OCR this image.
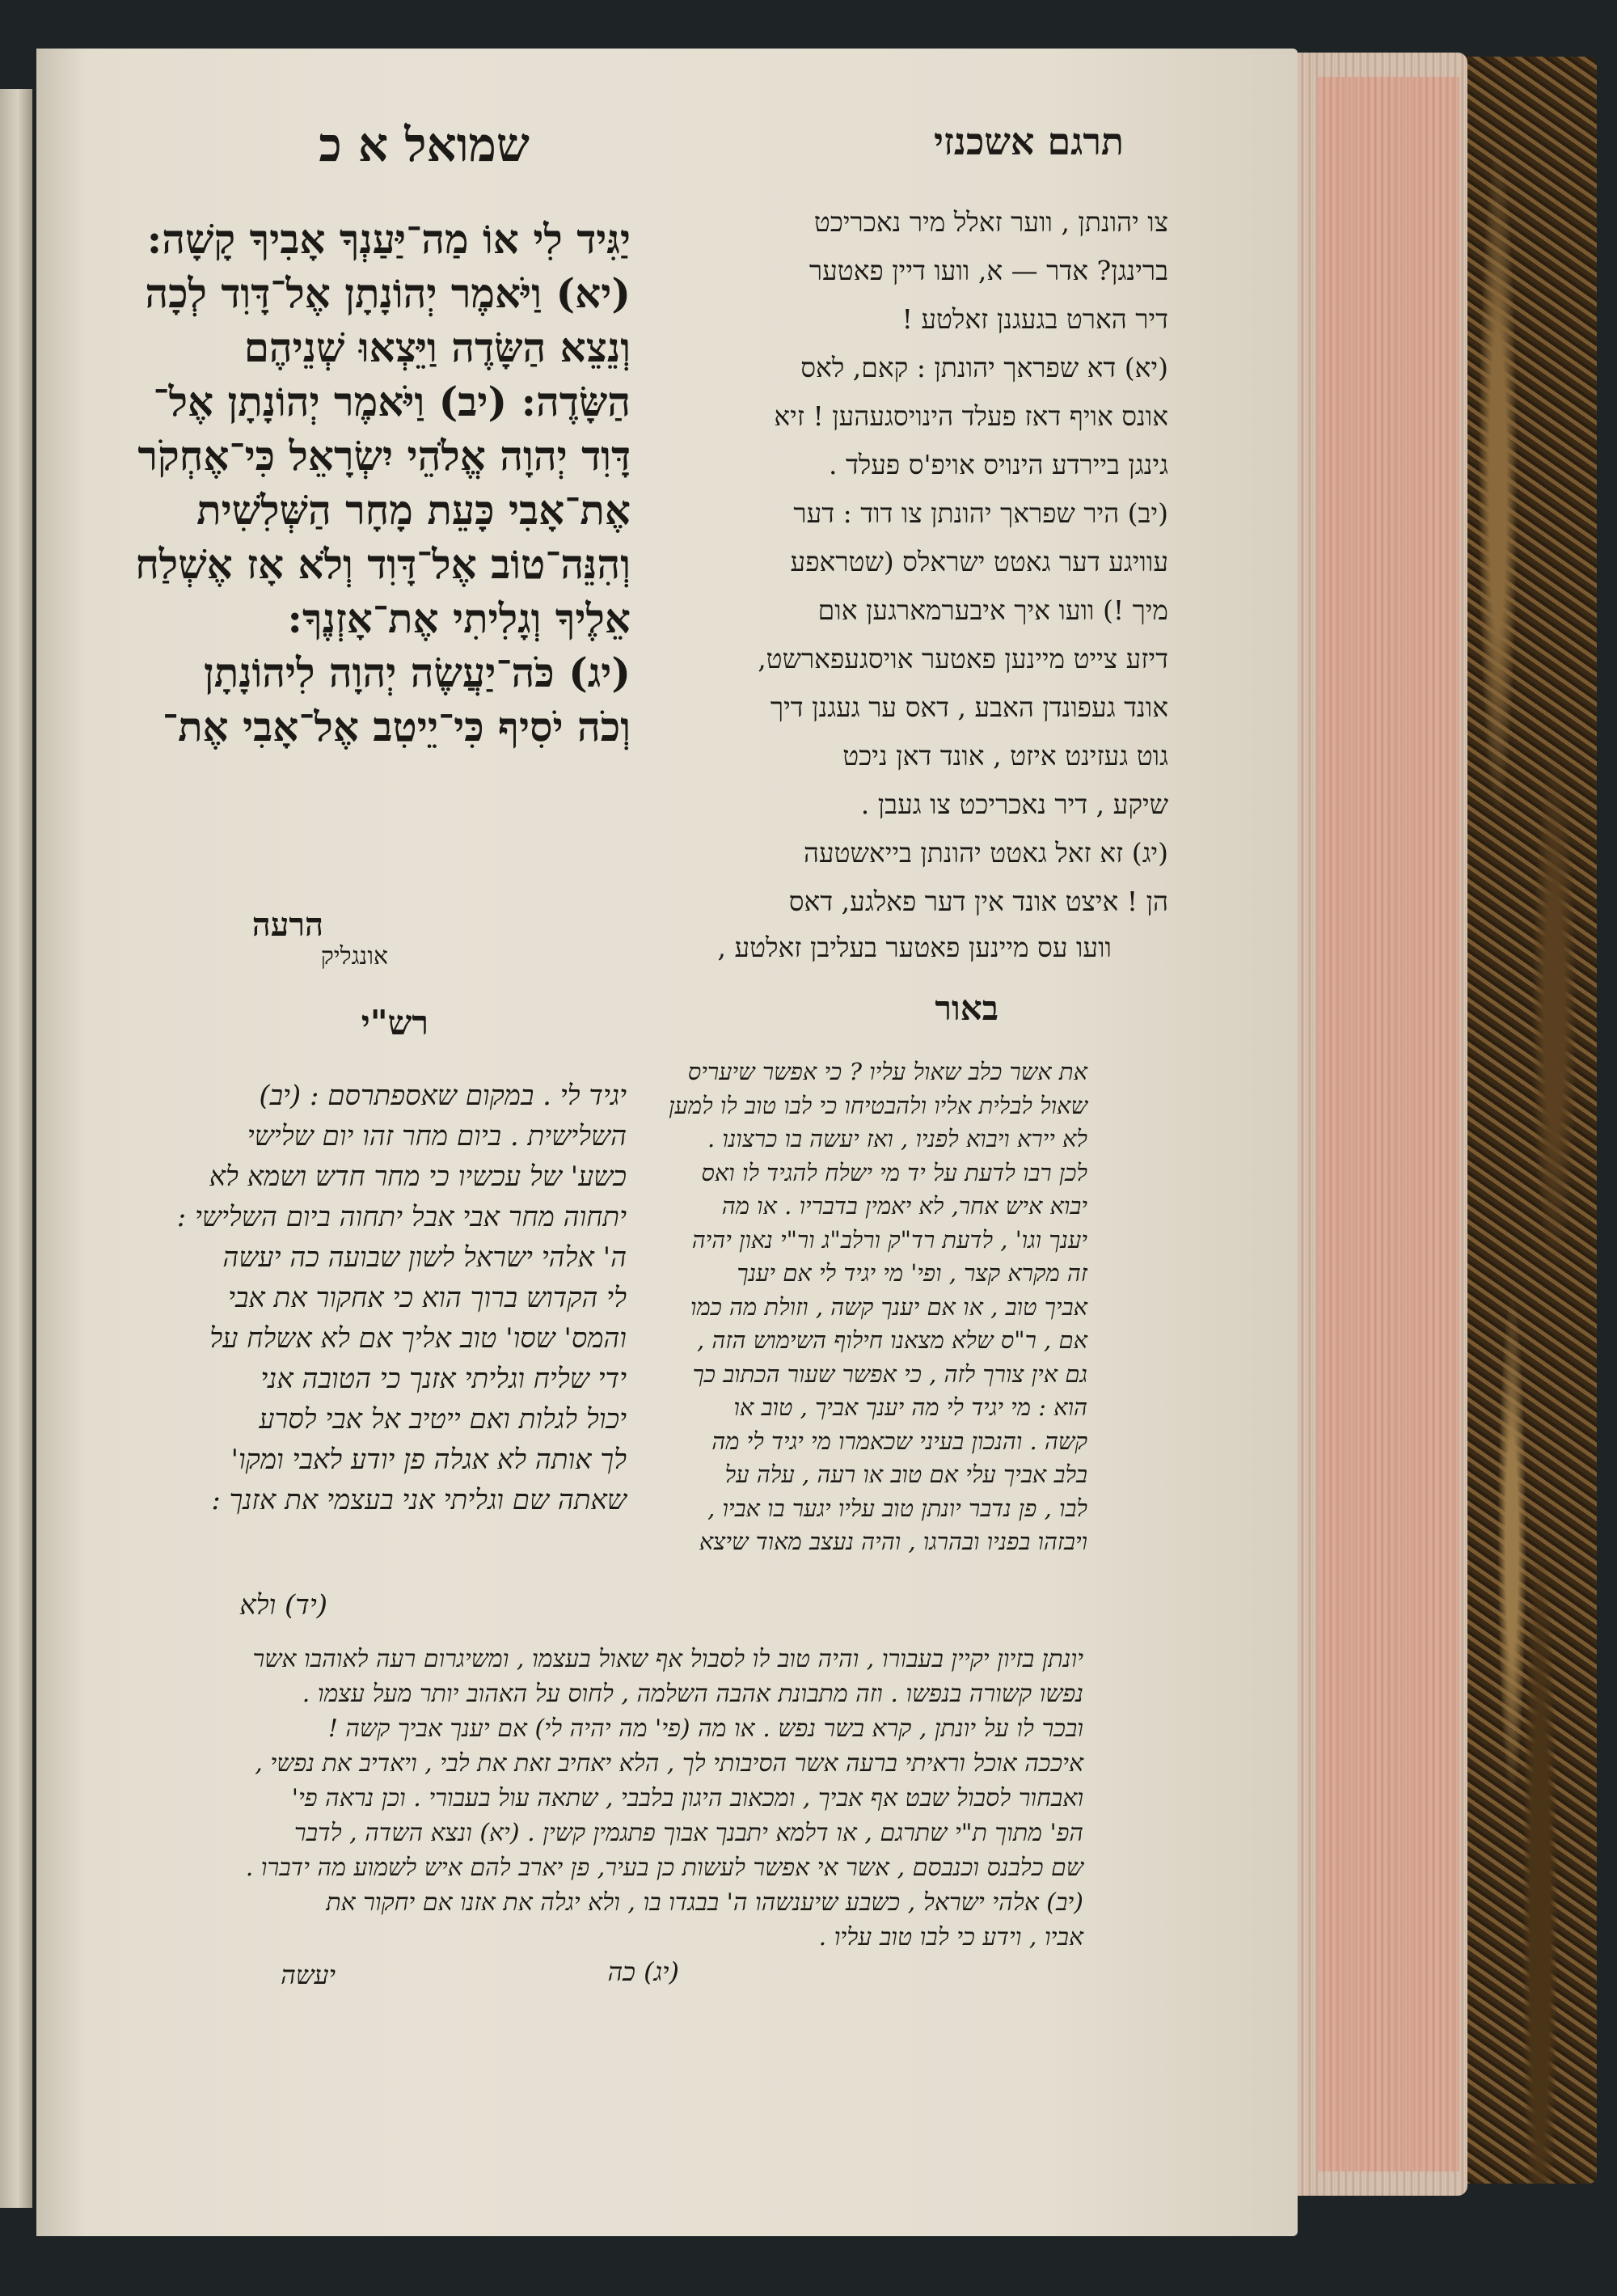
תרגם אשכנזי
שמואל א כ
צו יהונתן , ווער זאלל מיר נאכריכט
ברינגן? אדר — א, וועו דיין פאטער
דיר הארט בגעגנן זאלטע !
(יא) דא שפראך יהונתן : קאם, לאס
אונס אויף דאז פעלד הינויסגעהען ! זיא
גינגן ביירדע הינויס אויפ'ס פעלד .
(יב) היר שפראך יהונתן צו דוד : דער
עוויגע דער גאטט ישראלס (שטראפע
מיך !) וועו איך איבערמארגען אום
דיזע צייט מיינען פאטער אויסגעפארשט,
אונד געפונדן האבע , דאס ער געגנן דיך
גוט געזינט איזט , אונד דאן ניכט
שיקע , דיר נאכריכט צו געבן .
(יג) זא זאל גאטט יהונתן בייאשטעה
הן ! איצט אונד אין דער פאלגע, דאס
וועו עס מיינען פאטער בעליבן זאלטע ,
אונגליק
יַגִּיד לִי אוֹ מַה־יַּעַנְךָ אָבִיךָ קָשָׁה:
(יא) וַיֹּאמֶר יְהוֹנָתָן אֶל־דָּוִד לְכָה
וְנֵצֵא הַשָּׂדֶה וַיֵּצְאוּ שְׁנֵיהֶם
הַשָּׂדֶה: (יב) וַיֹּאמֶר יְהוֹנָתָן אֶל־
דָּוִד יְהוָה אֱלֹהֵי יִשְׂרָאֵל כִּי־אֶחְקֹר
אֶת־אָבִי כָּעֵת מָחָר הַשְּׁלִשִׁית
וְהִנֵּה־טוֹב אֶל־דָּוִד וְלֹא אָז אֶשְׁלַח
אֵלֶיךָ וְגָלִיתִי אֶת־אָזְנֶךָ:
(יג) כֹּה־יַעֲשֶׂה יְהוָה לִיהוֹנָתָן
וְכֹה יֹסִיף כִּי־יֵיטִב אֶל־אָבִי אֶת־
הרעה
באור
רש"י
את אשר כלב שאול עליו ? כי אפשר שיעריס
שאול לבלית אליו ולהבטיחו כי לבו טוב לו למען
לא יירא ויבוא לפניו , ואז יעשה בו כרצונו .
לכן רבו לדעת על יד מי ישלח להגיד לו ואס
יבוא איש אחר, לא יאמין בדבריו . או מה
יענך וגו' , לדעת רד"ק ורלב"ג ור"י נאון יהיה
זה מקרא קצר , ופי' מי יגיד לי אם יענך
אביך טוב , או אם יענך קשה , וזולת מה כמו
אם , ר"ס שלא מצאנו חילוף השימוש הזה ,
גם אין צורך לזה , כי אפשר שעור הכתוב כך
הוא : מי יגיד לי מה יענך אביך , טוב או
קשה . והנכון בעיני שכאמרו מי יגיד לי מה
בלב אביך עלי אם טוב או רעה , עלה על
לבו , פן נדבר יונתן טוב עליו יגער בו אביו ,
ויבזהו בפניו ובהרגו , והיה נעצב מאוד שיצא
יגיד לי . במקום שאספתרסם : (יב)
השלישית . ביום מחר זהו יום שלישי
כשע' של עכשיו כי מחר חדש ושמא לא
יתחוה מחר אבי אבל יתחוה ביום השלישי :
ה' אלהי ישראל לשון שבועה כה יעשה
לי הקדוש ברוך הוא כי אחקור את אבי
והמס' שסו' טוב אליך אם לא אשלח על
ידי שליח וגליתי אזנך כי הטובה אני
יכול לגלות ואם ייטיב אל אבי לסרע
לך אותה לא אגלה פן יודע לאבי ומקו'
שאתה שם וגליתי אני בעצמי את אזנך :
(יד) ולא
יונתן בזיון יקיין בעבורו , והיה טוב לו לסבול אף שאול בעצמו , ומשיגרום רעה לאוהבו אשר
נפשו קשורה בנפשו . וזה מתבונת אהבה השלמה , לחוס על האהוב יותר מעל עצמו .
ובכר לו על יונתן , קרא בשר נפש . או מה (פי' מה יהיה לי) אם יענך אביך קשה !
איככה אוכל וראיתי ברעה אשר הסיבותי לך , הלא יאחיב זאת את לבי , ויאדיב את נפשי ,
ואבחור לסבול שבט אף אביך , ומכאוב היגון בלבבי , שתאה עול בעבורי . וכן נראה פי'
הפ' מתוך ת"י שתרגם , או דלמא יתבנך אבוך פתגמין קשין . (יא) ונצא השדה , לדבר
שם כלבנס וכנבסם , אשר אי אפשר לעשות כן בעיר, פן יארב להם איש לשמוע מה ידברו .
(יב) אלהי ישראל , כשבע שיענשהו ה' בבגדו בו , ולא יגלה את אזנו אם יחקור את
אביו , וידע כי לבו טוב עליו .
(יג) כה
יעשה
